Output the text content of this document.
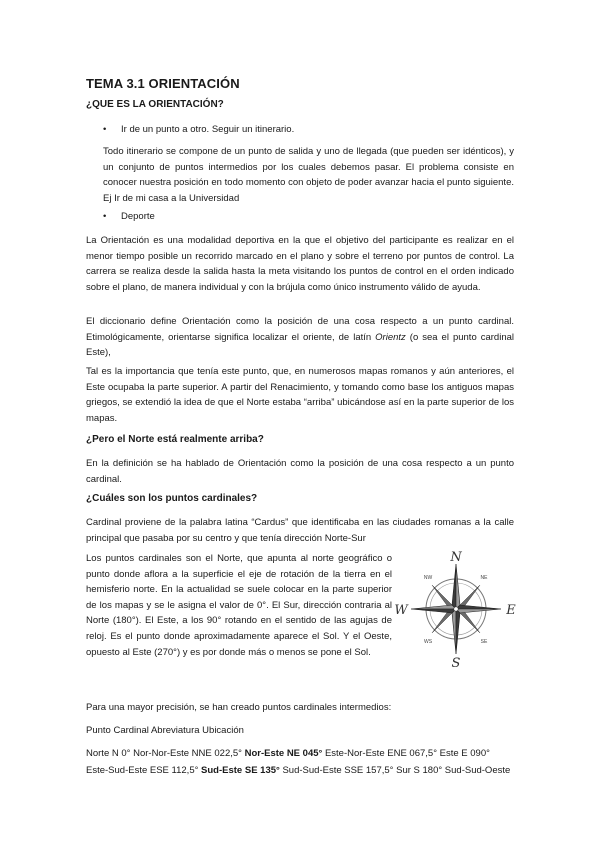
TEMA 3.1 ORIENTACIÓN
¿QUE ES LA ORIENTACIÓN?
• Ir de un punto a otro. Seguir un itinerario.

Todo itinerario se compone de un punto de salida y uno de llegada (que pueden ser idénticos), y un conjunto de puntos intermedios por los cuales debemos pasar. El problema consiste en conocer nuestra posición en todo momento con objeto de poder avanzar hacia el punto siguiente. Ej Ir de mi casa a la Universidad

• Deporte

La Orientación es una modalidad deportiva en la que el objetivo del participante es realizar en el menor tiempo posible un recorrido marcado en el plano y sobre el terreno por puntos de control. La carrera se realiza desde la salida hasta la meta visitando los puntos de control en el orden indicado sobre el plano, de manera individual y con la brújula como único instrumento válido de ayuda.

El diccionario define Orientación como la posición de una cosa respecto a un punto cardinal. Etimológicamente, orientarse significa localizar el oriente, de latín Orientz (o sea el punto cardinal Este),

Tal es la importancia que tenía este punto, que, en numerosos mapas romanos y aún anteriores, el Este ocupaba la parte superior. A partir del Renacimiento, y tomando como base los antiguos mapas griegos, se extendió la idea de que el Norte estaba “arriba” ubicándose así en la parte superior de los mapas.

¿Pero el Norte está realmente arriba?

En la definición se ha hablado de Orientación como la posición de una cosa respecto a un punto cardinal.

¿Cuáles son los puntos cardinales?

Cardinal proviene de la palabra latina “Cardus” que identificaba en las ciudades romanas a la calle principal que pasaba por su centro y que tenía dirección Norte-Sur

Los puntos cardinales son el Norte, que apunta al norte geográfico o punto donde aflora a la superficie el eje de rotación de la tierra en el hemisferio norte. En la actualidad se suele colocar en la parte superior de los mapas y se le asigna el valor de 0°. El Sur, dirección contraria al Norte (180°). El Este, a los 90° rotando en el sentido de las agujas de reloj. Es el punto donde aproximadamente aparece el Sol. Y el Oeste, opuesto al Este (270°) y es por donde más o menos se pone el Sol.

N
S
E
W
NW	NE
WS	SE

Para una mayor precisión, se han creado puntos cardinales intermedios:

Punto Cardinal Abreviatura Ubicación

Norte N 0° Nor-Nor-Este NNE 022,5° Nor-Este NE 045° Este-Nor-Este ENE 067,5° Este E 090°

Este-Sud-Este ESE 112,5° Sud-Este SE 135° Sud-Sud-Este SSE 157,5° Sur S 180° Sud-Sud-Oeste
